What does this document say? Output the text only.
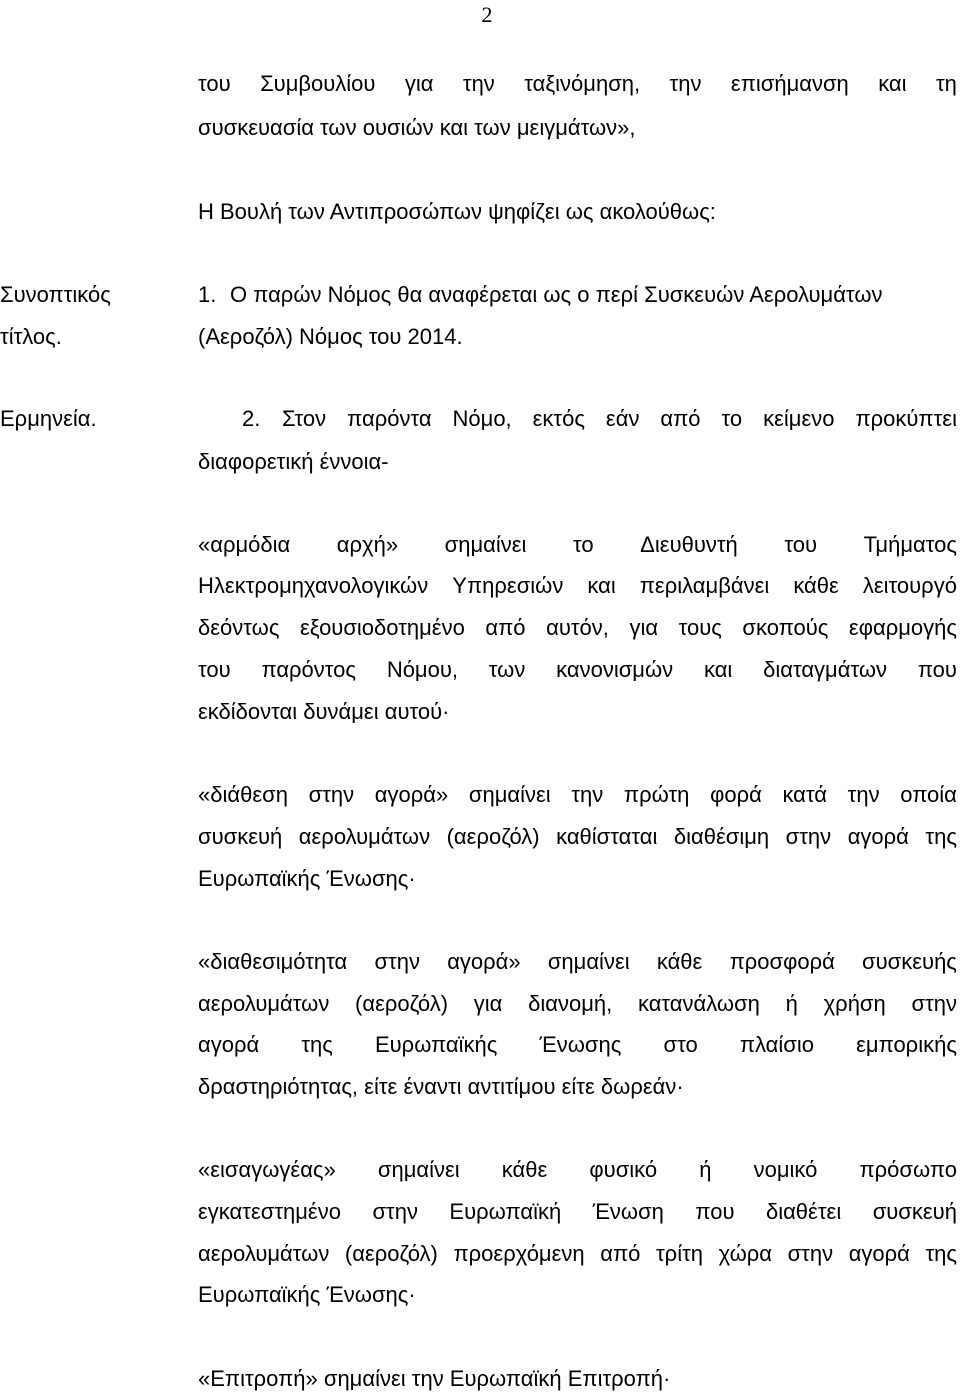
2
του Συμβουλίου για την ταξινόμηση, την επισήμανση και τη
συσκευασία των ουσιών και των μειγμάτων»,
Η Βουλή των Αντιπροσώπων ψηφίζει ως ακολούθως:
Συνοπτικός
τίτλος.
1. Ο παρών Νόμος θα αναφέρεται ως ο περί Συσκευών Αερολυμάτων
(Αεροζόλ) Νόμος του 2014.
Ερμηνεία.	2. Στον παρόντα Νόμο, εκτός εάν από το κείμενο προκύπτει
διαφορετική έννοια-
«αρμόδια αρχή» σημαίνει το Διευθυντή του Τμήματος
Ηλεκτρομηχανολογικών Υπηρεσιών και περιλαμβάνει κάθε λειτουργό
δεόντως εξουσιοδοτημένο από αυτόν, για τους σκοπούς εφαρμογής
του παρόντος Νόμου, των κανονισμών και διαταγμάτων που
εκδίδονται δυνάμει αυτού·
«διάθεση στην αγορά» σημαίνει την πρώτη φορά κατά την οποία
συσκευή αερολυμάτων (αεροζόλ) καθίσταται διαθέσιμη στην αγορά της
Ευρωπαϊκής Ένωσης·
«διαθεσιμότητα στην αγορά» σημαίνει κάθε προσφορά συσκευής
αερολυμάτων (αεροζόλ) για διανομή, κατανάλωση ή χρήση στην
αγορά της Ευρωπαϊκής Ένωσης στο πλαίσιο εμπορικής
δραστηριότητας, είτε έναντι αντιτίμου είτε δωρεάν·
«εισαγωγέας» σημαίνει κάθε φυσικό ή νομικό πρόσωπο
εγκατεστημένο στην Ευρωπαϊκή Ένωση που διαθέτει συσκευή
αερολυμάτων (αεροζόλ) προερχόμενη από τρίτη χώρα στην αγορά της
Ευρωπαϊκής Ένωσης·
«Επιτροπή» σημαίνει την Ευρωπαϊκή Επιτροπή·
